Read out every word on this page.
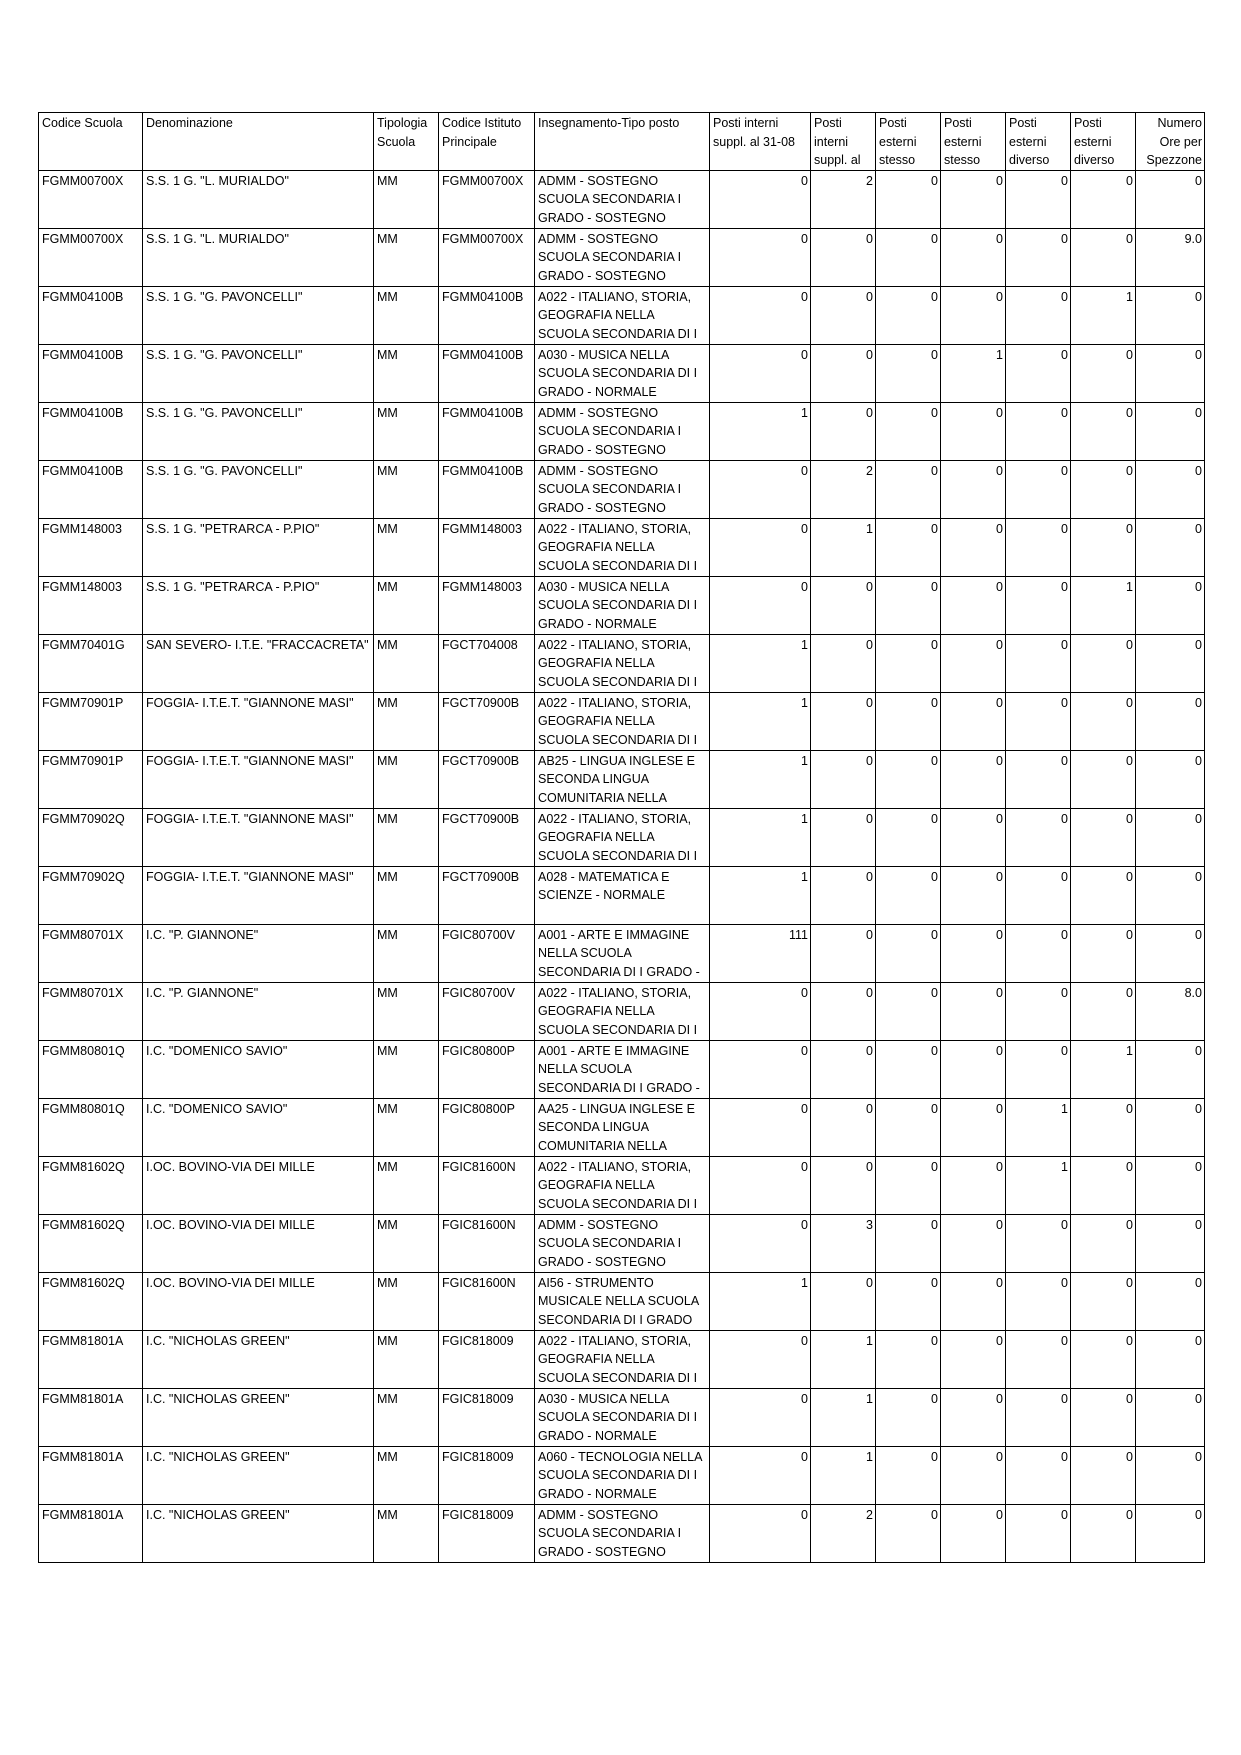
Codice Scuola	Denominazione	Tipologia Scuola	Codice Istituto Principale	Insegnamento-Tipo posto	Posti interni suppl. al 31-08	Posti interni suppl. al	Posti esterni stesso	Posti esterni stesso	Posti esterni diverso	Posti esterni diverso	Numero Ore per Spezzone

FGMM00700X	S.S. 1 G. "L. MURIALDO"	MM	FGMM00700X	ADMM - SOSTEGNO SCUOLA SECONDARIA I GRADO - SOSTEGNO	0	2	0	0	0	0	0

FGMM00700X	S.S. 1 G. "L. MURIALDO"	MM	FGMM00700X	ADMM - SOSTEGNO SCUOLA SECONDARIA I GRADO - SOSTEGNO	0	0	0	0	0	0	9.0

FGMM04100B	S.S. 1 G. "G. PAVONCELLI"	MM	FGMM04100B	A022 - ITALIANO, STORIA, GEOGRAFIA NELLA SCUOLA SECONDARIA DI I	0	0	0	0	0	1	0

FGMM04100B	S.S. 1 G. "G. PAVONCELLI"	MM	FGMM04100B	A030 - MUSICA NELLA SCUOLA SECONDARIA DI I GRADO - NORMALE	0	0	0	1	0	0	0

FGMM04100B	S.S. 1 G. "G. PAVONCELLI"	MM	FGMM04100B	ADMM - SOSTEGNO SCUOLA SECONDARIA I GRADO - SOSTEGNO	1	0	0	0	0	0	0

FGMM04100B	S.S. 1 G. "G. PAVONCELLI"	MM	FGMM04100B	ADMM - SOSTEGNO SCUOLA SECONDARIA I GRADO - SOSTEGNO	0	2	0	0	0	0	0

FGMM148003	S.S. 1 G. "PETRARCA - P.PIO"	MM	FGMM148003	A022 - ITALIANO, STORIA, GEOGRAFIA NELLA SCUOLA SECONDARIA DI I	0	1	0	0	0	0	0

FGMM148003	S.S. 1 G. "PETRARCA - P.PIO"	MM	FGMM148003	A030 - MUSICA NELLA SCUOLA SECONDARIA DI I GRADO - NORMALE	0	0	0	0	0	1	0

FGMM70401G	SAN SEVERO- I.T.E. "FRACCACRETA"	MM	FGCT704008	A022 - ITALIANO, STORIA, GEOGRAFIA NELLA SCUOLA SECONDARIA DI I	1	0	0	0	0	0	0

FGMM70901P	FOGGIA- I.T.E.T. "GIANNONE MASI"	MM	FGCT70900B	A022 - ITALIANO, STORIA, GEOGRAFIA NELLA SCUOLA SECONDARIA DI I	1	0	0	0	0	0	0

FGMM70901P	FOGGIA- I.T.E.T. "GIANNONE MASI"	MM	FGCT70900B	AB25 - LINGUA INGLESE E SECONDA LINGUA COMUNITARIA NELLA	1	0	0	0	0	0	0

FGMM70902Q	FOGGIA- I.T.E.T. "GIANNONE MASI"	MM	FGCT70900B	A022 - ITALIANO, STORIA, GEOGRAFIA NELLA SCUOLA SECONDARIA DI I	1	0	0	0	0	0	0

FGMM70902Q	FOGGIA- I.T.E.T. "GIANNONE MASI"	MM	FGCT70900B	A028 - MATEMATICA E SCIENZE - NORMALE	1	0	0	0	0	0	0

FGMM80701X	I.C. "P. GIANNONE"	MM	FGIC80700V	A001 - ARTE E IMMAGINE NELLA SCUOLA SECONDARIA DI I GRADO -	111	0	0	0	0	0	0

FGMM80701X	I.C. "P. GIANNONE"	MM	FGIC80700V	A022 - ITALIANO, STORIA, GEOGRAFIA NELLA SCUOLA SECONDARIA DI I	0	0	0	0	0	0	8.0

FGMM80801Q	I.C. "DOMENICO SAVIO"	MM	FGIC80800P	A001 - ARTE E IMMAGINE NELLA SCUOLA SECONDARIA DI I GRADO -	0	0	0	0	0	1	0

FGMM80801Q	I.C. "DOMENICO SAVIO"	MM	FGIC80800P	AA25 - LINGUA INGLESE E SECONDA LINGUA COMUNITARIA NELLA	0	0	0	0	1	0	0

FGMM81602Q	I.OC. BOVINO-VIA DEI MILLE	MM	FGIC81600N	A022 - ITALIANO, STORIA, GEOGRAFIA NELLA SCUOLA SECONDARIA DI I	0	0	0	0	1	0	0

FGMM81602Q	I.OC. BOVINO-VIA DEI MILLE	MM	FGIC81600N	ADMM - SOSTEGNO SCUOLA SECONDARIA I GRADO - SOSTEGNO	0	3	0	0	0	0	0

FGMM81602Q	I.OC. BOVINO-VIA DEI MILLE	MM	FGIC81600N	AI56 - STRUMENTO MUSICALE NELLA SCUOLA SECONDARIA DI I GRADO	1	0	0	0	0	0	0

FGMM81801A	I.C. "NICHOLAS GREEN"	MM	FGIC818009	A022 - ITALIANO, STORIA, GEOGRAFIA NELLA SCUOLA SECONDARIA DI I	0	1	0	0	0	0	0

FGMM81801A	I.C. "NICHOLAS GREEN"	MM	FGIC818009	A030 - MUSICA NELLA SCUOLA SECONDARIA DI I GRADO - NORMALE	0	1	0	0	0	0	0

FGMM81801A	I.C. "NICHOLAS GREEN"	MM	FGIC818009	A060 - TECNOLOGIA NELLA SCUOLA SECONDARIA DI I GRADO - NORMALE	0	1	0	0	0	0	0

FGMM81801A	I.C. "NICHOLAS GREEN"	MM	FGIC818009	ADMM - SOSTEGNO SCUOLA SECONDARIA I GRADO - SOSTEGNO	0	2	0	0	0	0	0
